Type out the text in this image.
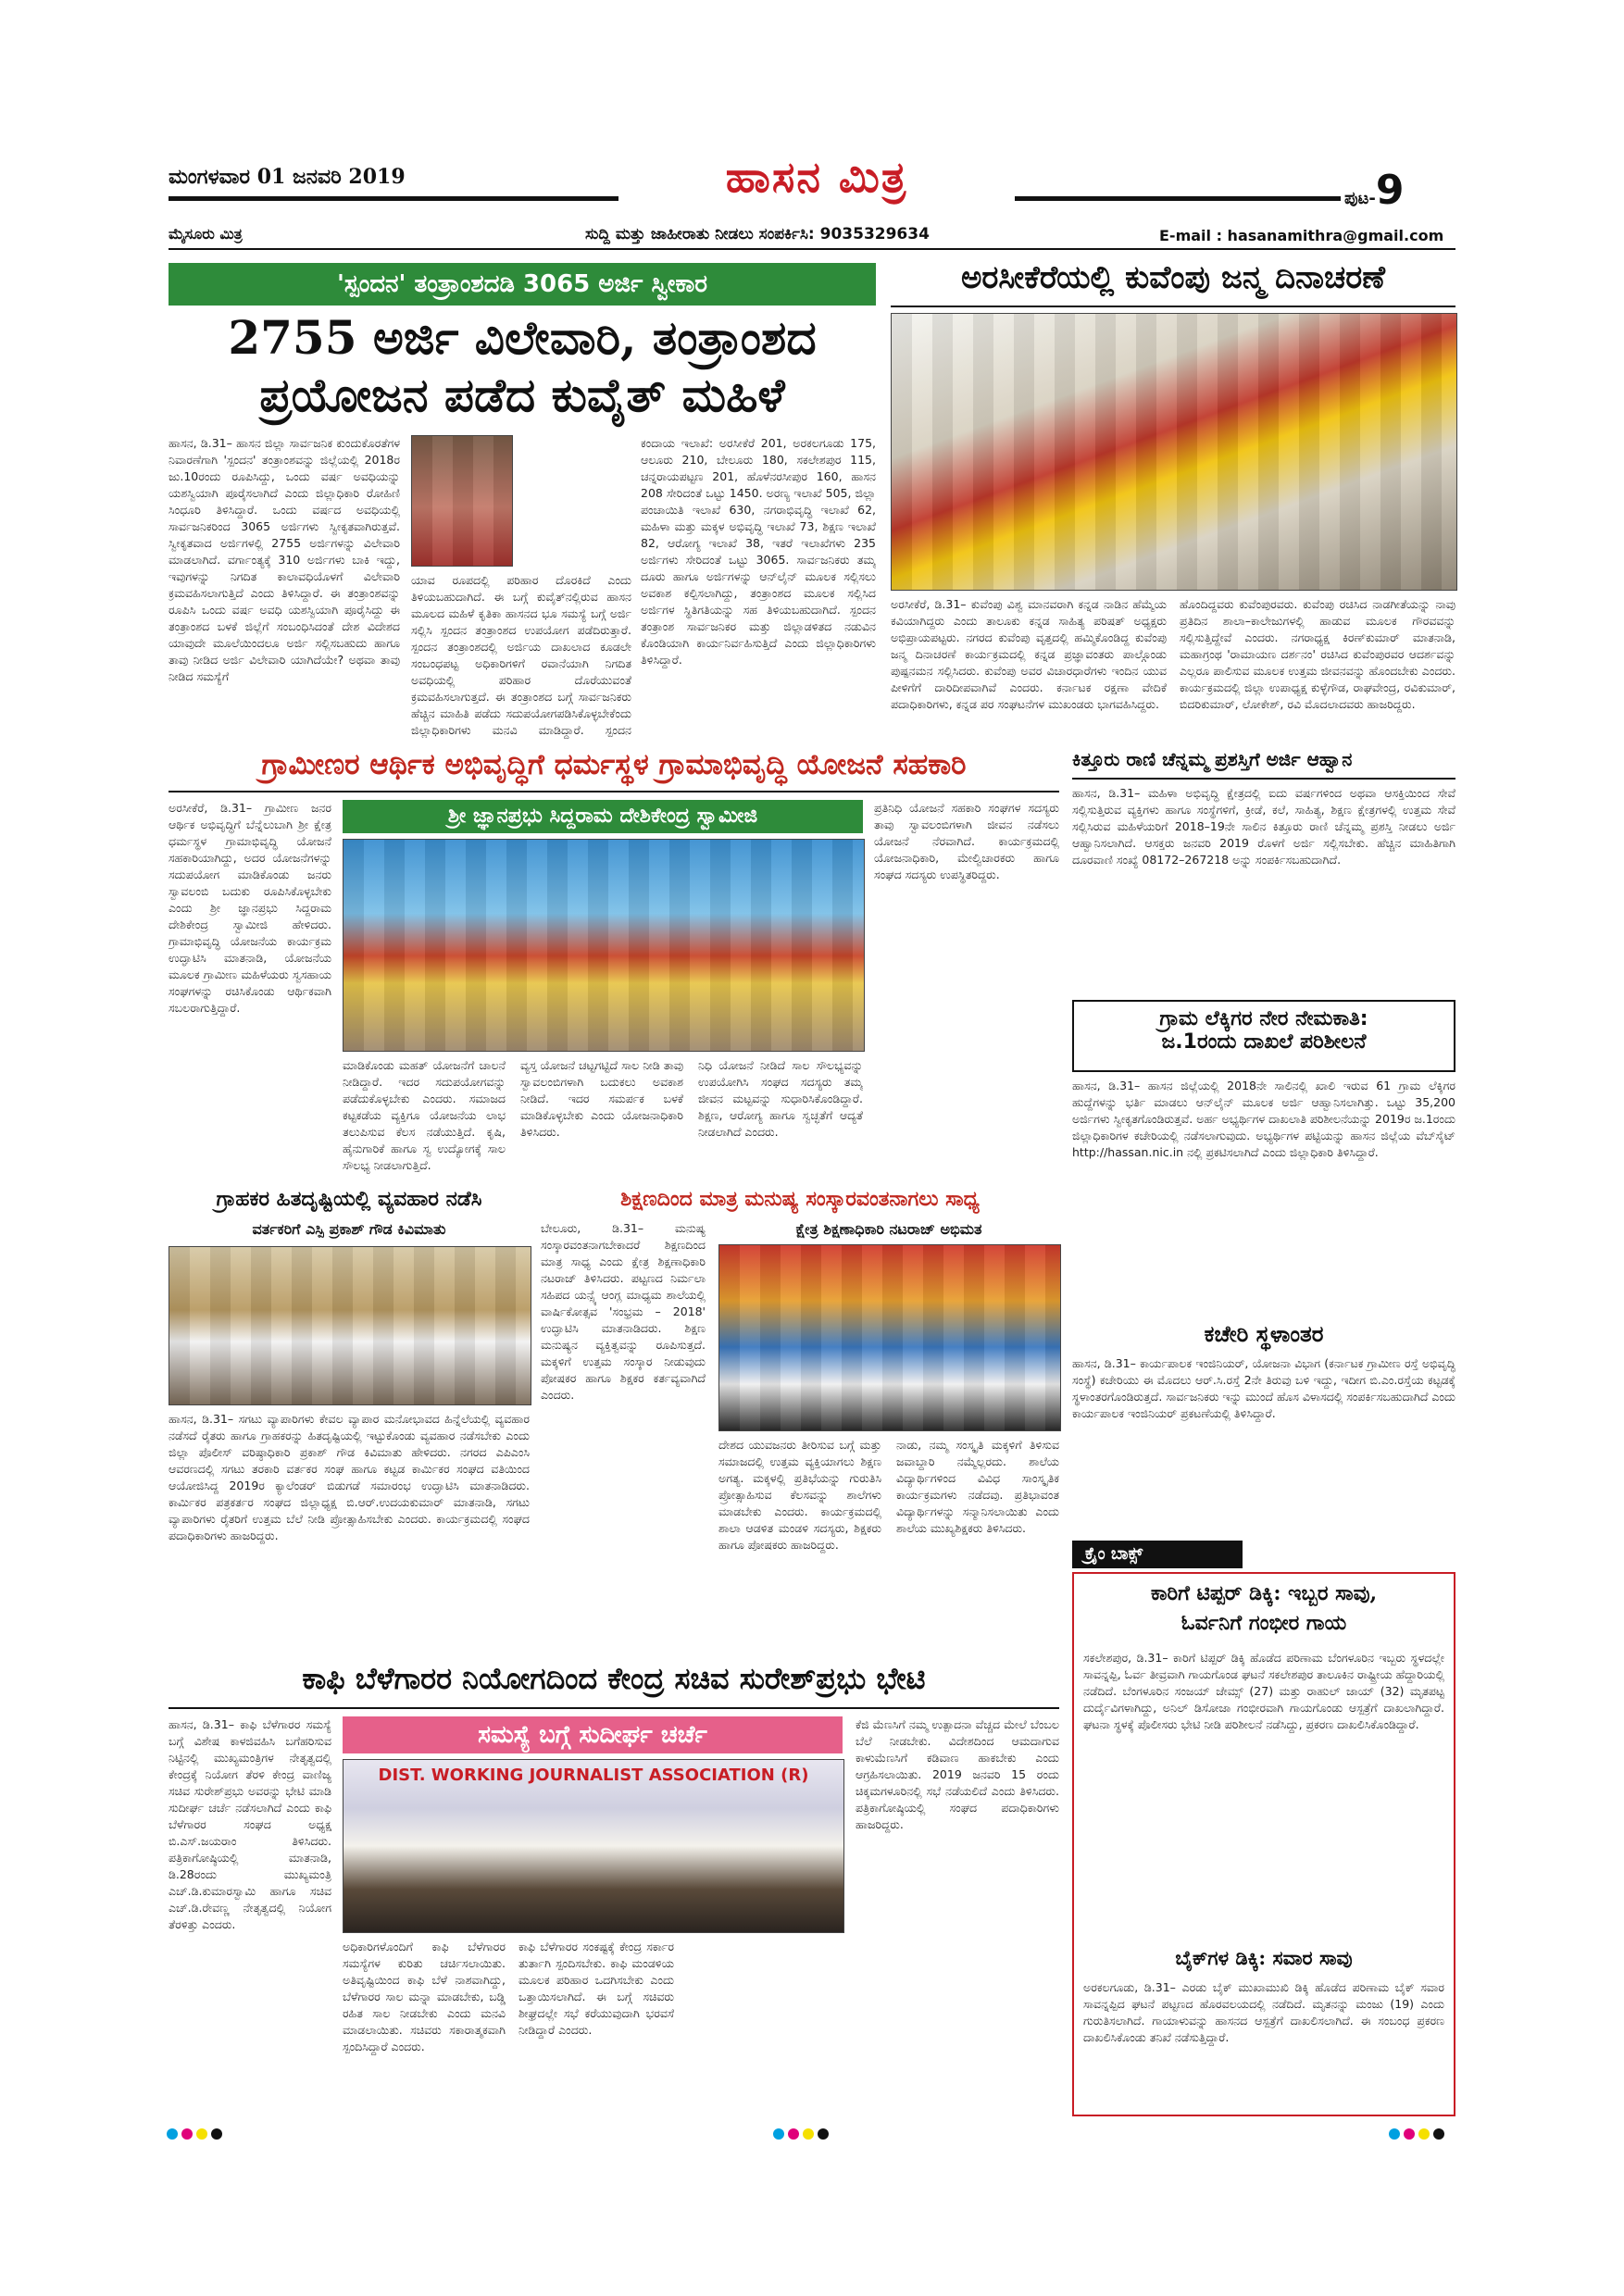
ಮಂಗಳವಾರ 01 ಜನವರಿ 2019	ಹಾಸನ ಮಿತ್ರ	ಪುಟ-9
ಮೈಸೂರು ಮಿತ್ರ	ಸುದ್ದಿ ಮತ್ತು ಜಾಹೀರಾತು ನೀಡಲು ಸಂಪರ್ಕಿಸಿ: 9035329634	E-mail : hasanamithra@gmail.com
'ಸ್ಪಂದನ' ತಂತ್ರಾಂಶದಡಿ 3065 ಅರ್ಜಿ ಸ್ವೀಕಾರ
2755 ಅರ್ಜಿ ವಿಲೇವಾರಿ, ತಂತ್ರಾಂಶದ
ಪ್ರಯೋಜನ ಪಡೆದ ಕುವೈತ್ ಮಹಿಳೆ
ಹಾಸನ, ಡಿ.31– ಹಾಸನ ಜಿಲ್ಲಾ ಸಾರ್ವಜನಿಕ ಕುಂದುಕೊರತೆಗಳ ನಿವಾರಣೆಗಾಗಿ 'ಸ್ಪಂದನ' ತಂತ್ರಾಂಶವನ್ನು ಜಿಲ್ಲೆಯಲ್ಲಿ 2018ರ ಜು.10ರಂದು ರೂಪಿಸಿದ್ದು, ಒಂದು ವರ್ಷ ಅವಧಿಯನ್ನು ಯಶಸ್ವಿಯಾಗಿ ಪೂರೈಸಲಾಗಿದೆ ಎಂದು ಜಿಲ್ಲಾಧಿಕಾರಿ ರೋಹಿಣಿ ಸಿಂಧೂರಿ ತಿಳಿಸಿದ್ದಾರೆ. ಒಂದು ವರ್ಷದ ಅವಧಿಯಲ್ಲಿ ಸಾರ್ವಜನಿಕರಿಂದ 3065 ಅರ್ಜಿಗಳು ಸ್ವೀಕೃತವಾಗಿರುತ್ತವೆ. ಸ್ವೀಕೃತವಾದ ಅರ್ಜಿಗಳಲ್ಲಿ 2755 ಅರ್ಜಿಗಳನ್ನು ವಿಲೇವಾರಿ ಮಾಡಲಾಗಿದೆ. ವರ್ಗಾಂತ್ಯಕ್ಕೆ 310 ಅರ್ಜಿಗಳು ಬಾಕಿ ಇದ್ದು, ಇವುಗಳನ್ನು ನಿಗದಿತ ಕಾಲಾವಧಿಯೊಳಗೆ ವಿಲೇವಾರಿ ಕ್ರಮವಹಿಸಲಾಗುತ್ತಿದೆ ಎಂದು ತಿಳಿಸಿದ್ದಾರೆ. ಈ ತಂತ್ರಾಂಶವನ್ನು ರೂಪಿಸಿ ಒಂದು ವರ್ಷ ಅವಧಿ ಯಶಸ್ವಿಯಾಗಿ ಪೂರೈಸಿದ್ದು ಈ ತಂತ್ರಾಂಶದ ಬಳಕೆ ಜಿಲ್ಲೆಗೆ ಸಂಬಂಧಿಸಿದಂತೆ ದೇಶ ವಿದೇಶದ ಯಾವುದೇ ಮೂಲೆಯಿಂದಲೂ ಅರ್ಜಿ ಸಲ್ಲಿಸಬಹುದು ಹಾಗೂ ತಾವು ನೀಡಿದ ಅರ್ಜಿ ವಿಲೇವಾರಿ ಯಾಗಿದೆಯೇ? ಅಥವಾ ತಾವು ನೀಡಿದ ಸಮಸ್ಯೆಗೆ
ಯಾವ ರೂಪದಲ್ಲಿ ಪರಿಹಾರ ದೊರಕಿದೆ ಎಂದು ತಿಳಿಯಬಹುದಾಗಿದೆ. ಈ ಬಗ್ಗೆ ಕುವೈತ್‌ನಲ್ಲಿರುವ ಹಾಸನ ಮೂಲದ ಮಹಿಳೆ ಕೃತಿಕಾ ಹಾಸನದ ಭೂ ಸಮಸ್ಯೆ ಬಗ್ಗೆ ಅರ್ಜಿ ಸಲ್ಲಿಸಿ ಸ್ಪಂದನ ತಂತ್ರಾಂಶದ ಉಪಯೋಗ ಪಡೆದಿರುತ್ತಾರೆ. ಸ್ಪಂದನ ತಂತ್ರಾಂಶದಲ್ಲಿ ಅರ್ಜಿಯ ದಾಖಲಾದ ಕೂಡಲೇ ಸಂಬಂಧಪಟ್ಟ ಅಧಿಕಾರಿಗಳಿಗೆ ರವಾನೆಯಾಗಿ ನಿಗದಿತ ಅವಧಿಯಲ್ಲಿ ಪರಿಹಾರ ದೊರೆಯುವಂತೆ ಕ್ರಮವಹಿಸಲಾಗುತ್ತದೆ. ಈ ತಂತ್ರಾಂಶದ ಬಗ್ಗೆ ಸಾರ್ವಜನಿಕರು ಹೆಚ್ಚಿನ ಮಾಹಿತಿ ಪಡೆದು ಸದುಪಯೋಗಪಡಿಸಿಕೊಳ್ಳಬೇಕೆಂದು ಜಿಲ್ಲಾಧಿಕಾರಿಗಳು ಮನವಿ ಮಾಡಿದ್ದಾರೆ. ಸ್ಪಂದನ
ಕಂದಾಯ ಇಲಾಖೆ: ಅರಸೀಕೆರೆ 201, ಅರಕಲಗೂಡು 175, ಆಲೂರು 210, ಬೇಲೂರು 180, ಸಕಲೇಶಪುರ 115, ಚನ್ನರಾಯಪಟ್ಟಣ 201, ಹೊಳೆನರಸೀಪುರ 160, ಹಾಸನ 208 ಸೇರಿದಂತೆ ಒಟ್ಟು 1450. ಅರಣ್ಯ ಇಲಾಖೆ 505, ಜಿಲ್ಲಾ ಪಂಚಾಯಿತಿ ಇಲಾಖೆ 630, ನಗರಾಭಿವೃದ್ಧಿ ಇಲಾಖೆ 62, ಮಹಿಳಾ ಮತ್ತು ಮಕ್ಕಳ ಅಭಿವೃದ್ಧಿ ಇಲಾಖೆ 73, ಶಿಕ್ಷಣ ಇಲಾಖೆ 82, ಆರೋಗ್ಯ ಇಲಾಖೆ 38, ಇತರೆ ಇಲಾಖೆಗಳು 235 ಅರ್ಜಿಗಳು ಸೇರಿದಂತೆ ಒಟ್ಟು 3065. ಸಾರ್ವಜನಿಕರು ತಮ್ಮ ದೂರು ಹಾಗೂ ಅರ್ಜಿಗಳನ್ನು ಆನ್‌ಲೈನ್ ಮೂಲಕ ಸಲ್ಲಿಸಲು ಅವಕಾಶ ಕಲ್ಪಿಸಲಾಗಿದ್ದು, ತಂತ್ರಾಂಶದ ಮೂಲಕ ಸಲ್ಲಿಸಿದ ಅರ್ಜಿಗಳ ಸ್ಥಿತಿಗತಿಯನ್ನು ಸಹ ತಿಳಿಯಬಹುದಾಗಿದೆ. ಸ್ಪಂದನ ತಂತ್ರಾಂಶ ಸಾರ್ವಜನಿಕರ ಮತ್ತು ಜಿಲ್ಲಾಡಳಿತದ ನಡುವಿನ ಕೊಂಡಿಯಾಗಿ ಕಾರ್ಯನಿರ್ವಹಿಸುತ್ತಿದೆ ಎಂದು ಜಿಲ್ಲಾಧಿಕಾರಿಗಳು ತಿಳಿಸಿದ್ದಾರೆ.
ಅರಸೀಕೆರೆಯಲ್ಲಿ ಕುವೆಂಪು ಜನ್ಮ ದಿನಾಚರಣೆ
ಅರಸೀಕೆರೆ, ಡಿ.31– ಕುವೆಂಪು ವಿಶ್ವ ಮಾನವರಾಗಿ ಕನ್ನಡ ನಾಡಿನ ಹೆಮ್ಮೆಯ ಕವಿಯಾಗಿದ್ದರು ಎಂದು ತಾಲೂಕು ಕನ್ನಡ ಸಾಹಿತ್ಯ ಪರಿಷತ್ ಅಧ್ಯಕ್ಷರು ಅಭಿಪ್ರಾಯಪಟ್ಟರು. ನಗರದ ಕುವೆಂಪು ವೃತ್ತದಲ್ಲಿ ಹಮ್ಮಿಕೊಂಡಿದ್ದ ಕುವೆಂಪು ಜನ್ಮ ದಿನಾಚರಣೆ ಕಾರ್ಯಕ್ರಮದಲ್ಲಿ ಕನ್ನಡ ಪ್ರಜ್ಞಾವಂತರು ಪಾಲ್ಗೊಂಡು ಪುಷ್ಪನಮನ ಸಲ್ಲಿಸಿದರು. ಕುವೆಂಪು ಅವರ ವಿಚಾರಧಾರೆಗಳು ಇಂದಿನ ಯುವ ಪೀಳಿಗೆಗೆ ದಾರಿದೀಪವಾಗಿವೆ ಎಂದರು. ಕರ್ನಾಟಕ ರಕ್ಷಣಾ ವೇದಿಕೆ ಪದಾಧಿಕಾರಿಗಳು, ಕನ್ನಡ ಪರ ಸಂಘಟನೆಗಳ ಮುಖಂಡರು ಭಾಗವಹಿಸಿದ್ದರು.
ಹೊಂದಿದ್ದವರು ಕುವೆಂಪುರವರು. ಕುವೆಂಪು ರಚಿಸಿದ ನಾಡಗೀತೆಯನ್ನು ನಾವು ಪ್ರತಿದಿನ ಶಾಲಾ–ಕಾಲೇಜುಗಳಲ್ಲಿ ಹಾಡುವ ಮೂಲಕ ಗೌರವವನ್ನು ಸಲ್ಲಿಸುತ್ತಿದ್ದೇವೆ ಎಂದರು. ನಗರಾಧ್ಯಕ್ಷ ಕಿರಣ್‌ಕುಮಾರ್ ಮಾತನಾಡಿ, ಮಹಾಗ್ರಂಥ 'ರಾಮಾಯಣ ದರ್ಶನಂ' ರಚಿಸಿದ ಕುವೆಂಪುರವರ ಆದರ್ಶವನ್ನು ಎಲ್ಲರೂ ಪಾಲಿಸುವ ಮೂಲಕ ಉತ್ತಮ ಜೀವನವನ್ನು ಹೊಂದಬೇಕು ಎಂದರು. ಕಾರ್ಯಕ್ರಮದಲ್ಲಿ ಜಿಲ್ಲಾ ಉಪಾಧ್ಯಕ್ಷ ಕುಳ್ಳೆಗೌಡ, ರಾಘವೇಂದ್ರ, ರವಿಕುಮಾರ್, ಬಿದರಿಕುಮಾರ್, ಲೋಕೇಶ್, ರವಿ ಮೊದಲಾದವರು ಹಾಜರಿದ್ದರು.
ಗ್ರಾಮೀಣರ ಆರ್ಥಿಕ ಅಭಿವೃದ್ಧಿಗೆ ಧರ್ಮಸ್ಥಳ ಗ್ರಾಮಾಭಿವೃದ್ಧಿ ಯೋಜನೆ ಸಹಕಾರಿ
ಅರಸೀಕೆರೆ, ಡಿ.31– ಗ್ರಾಮೀಣ ಜನರ ಆರ್ಥಿಕ ಅಭಿವೃದ್ಧಿಗೆ ಬೆನ್ನೆಲುಬಾಗಿ ಶ್ರೀ ಕ್ಷೇತ್ರ ಧರ್ಮಸ್ಥಳ ಗ್ರಾಮಾಭಿವೃದ್ಧಿ ಯೋಜನೆ ಸಹಕಾರಿಯಾಗಿದ್ದು, ಅದರ ಯೋಜನೆಗಳನ್ನು ಸದುಪಯೋಗ ಮಾಡಿಕೊಂಡು ಜನರು ಸ್ವಾವಲಂಬಿ ಬದುಕು ರೂಪಿಸಿಕೊಳ್ಳಬೇಕು ಎಂದು ಶ್ರೀ ಜ್ಞಾನಪ್ರಭು ಸಿದ್ದರಾಮ ದೇಶಿಕೇಂದ್ರ ಸ್ವಾಮೀಜಿ ಹೇಳಿದರು. ಗ್ರಾಮಾಭಿವೃದ್ಧಿ ಯೋಜನೆಯ ಕಾರ್ಯಕ್ರಮ ಉದ್ಘಾಟಿಸಿ ಮಾತನಾಡಿ, ಯೋಜನೆಯ ಮೂಲಕ ಗ್ರಾಮೀಣ ಮಹಿಳೆಯರು ಸ್ವಸಹಾಯ ಸಂಘಗಳನ್ನು ರಚಿಸಿಕೊಂಡು ಆರ್ಥಿಕವಾಗಿ ಸಬಲರಾಗುತ್ತಿದ್ದಾರೆ.
ಶ್ರೀ ಜ್ಞಾನಪ್ರಭು ಸಿದ್ದರಾಮ ದೇಶಿಕೇಂದ್ರ ಸ್ವಾಮೀಜಿ
ಮಾಡಿಕೊಂಡು ಮಹತ್ ಯೋಜನೆಗೆ ಚಾಲನೆ ನೀಡಿದ್ದಾರೆ. ಇದರ ಸದುಪಯೋಗವನ್ನು ಪಡೆದುಕೊಳ್ಳಬೇಕು ಎಂದರು. ಸಮಾಜದ ಕಟ್ಟಕಡೆಯ ವ್ಯಕ್ತಿಗೂ ಯೋಜನೆಯ ಲಾಭ ತಲುಪಿಸುವ ಕೆಲಸ ನಡೆಯುತ್ತಿದೆ. ಕೃಷಿ, ಹೈನುಗಾರಿಕೆ ಹಾಗೂ ಸ್ವ ಉದ್ಯೋಗಕ್ಕೆ ಸಾಲ ಸೌಲಭ್ಯ ನೀಡಲಾಗುತ್ತಿದೆ.
ವ್ಯಸ್ತ ಯೋಜನೆ ಚಟ್ಟಗಟ್ಟಿದೆ ಸಾಲ ನೀಡಿ ತಾವು ಸ್ವಾವಲಂಬಿಗಳಾಗಿ ಬದುಕಲು ಅವಕಾಶ ನೀಡಿದೆ. ಇದರ ಸಮರ್ಪಕ ಬಳಕೆ ಮಾಡಿಕೊಳ್ಳಬೇಕು ಎಂದು ಯೋಜನಾಧಿಕಾರಿ ತಿಳಿಸಿದರು.
ನಿಧಿ ಯೋಜನೆ ನೀಡಿದೆ ಸಾಲ ಸೌಲಭ್ಯವನ್ನು ಉಪಯೋಗಿಸಿ ಸಂಘದ ಸದಸ್ಯರು ತಮ್ಮ ಜೀವನ ಮಟ್ಟವನ್ನು ಸುಧಾರಿಸಿಕೊಂಡಿದ್ದಾರೆ. ಶಿಕ್ಷಣ, ಆರೋಗ್ಯ ಹಾಗೂ ಸ್ವಚ್ಛತೆಗೆ ಆದ್ಯತೆ ನೀಡಲಾಗಿದೆ ಎಂದರು.
ಪ್ರತಿನಿಧಿ ಯೋಜನೆ ಸಹಕಾರಿ ಸಂಘಗಳ ಸದಸ್ಯರು ತಾವು ಸ್ವಾವಲಂಬಿಗಳಾಗಿ ಜೀವನ ನಡೆಸಲು ಯೋಜನೆ ನೆರವಾಗಿದೆ. ಕಾರ್ಯಕ್ರಮದಲ್ಲಿ ಯೋಜನಾಧಿಕಾರಿ, ಮೇಲ್ವಿಚಾರಕರು ಹಾಗೂ ಸಂಘದ ಸದಸ್ಯರು ಉಪಸ್ಥಿತರಿದ್ದರು.
ಕಿತ್ತೂರು ರಾಣಿ ಚೆನ್ನಮ್ಮ ಪ್ರಶಸ್ತಿಗೆ ಅರ್ಜಿ ಆಹ್ವಾನ
ಹಾಸನ, ಡಿ.31– ಮಹಿಳಾ ಅಭಿವೃದ್ಧಿ ಕ್ಷೇತ್ರದಲ್ಲಿ ಐದು ವರ್ಷಗಳಿಂದ ಅಥವಾ ಆಸಕ್ತಿಯಿಂದ ಸೇವೆ ಸಲ್ಲಿಸುತ್ತಿರುವ ವ್ಯಕ್ತಿಗಳು ಹಾಗೂ ಸಂಸ್ಥೆಗಳಿಗೆ, ಕ್ರೀಡೆ, ಕಲೆ, ಸಾಹಿತ್ಯ, ಶಿಕ್ಷಣ ಕ್ಷೇತ್ರಗಳಲ್ಲಿ ಉತ್ತಮ ಸೇವೆ ಸಲ್ಲಿಸಿರುವ ಮಹಿಳೆಯರಿಗೆ 2018–19ನೇ ಸಾಲಿನ ಕಿತ್ತೂರು ರಾಣಿ ಚೆನ್ನಮ್ಮ ಪ್ರಶಸ್ತಿ ನೀಡಲು ಅರ್ಜಿ ಆಹ್ವಾನಿಸಲಾಗಿದೆ. ಆಸಕ್ತರು ಜನವರಿ 2019 ರೊಳಗೆ ಅರ್ಜಿ ಸಲ್ಲಿಸಬೇಕು. ಹೆಚ್ಚಿನ ಮಾಹಿತಿಗಾಗಿ ದೂರವಾಣಿ ಸಂಖ್ಯೆ 08172–267218 ಅನ್ನು ಸಂಪರ್ಕಿಸಬಹುದಾಗಿದೆ.
ಗ್ರಾಮ ಲೆಕ್ಕಿಗರ ನೇರ ನೇಮಕಾತಿ:
ಜ.1ರಂದು ದಾಖಲೆ ಪರಿಶೀಲನೆ
ಹಾಸನ, ಡಿ.31– ಹಾಸನ ಜಿಲ್ಲೆಯಲ್ಲಿ 2018ನೇ ಸಾಲಿನಲ್ಲಿ ಖಾಲಿ ಇರುವ 61 ಗ್ರಾಮ ಲೆಕ್ಕಿಗರ ಹುದ್ದೆಗಳನ್ನು ಭರ್ತಿ ಮಾಡಲು ಆನ್‌ಲೈನ್ ಮೂಲಕ ಅರ್ಜಿ ಆಹ್ವಾನಿಸಲಾಗಿತ್ತು. ಒಟ್ಟು 35,200 ಅರ್ಜಿಗಳು ಸ್ವೀಕೃತಗೊಂಡಿರುತ್ತವೆ. ಅರ್ಹ ಅಭ್ಯರ್ಥಿಗಳ ದಾಖಲಾತಿ ಪರಿಶೀಲನೆಯನ್ನು 2019ರ ಜ.1ರಂದು ಜಿಲ್ಲಾಧಿಕಾರಿಗಳ ಕಚೇರಿಯಲ್ಲಿ ನಡೆಸಲಾಗುವುದು. ಅಭ್ಯರ್ಥಿಗಳ ಪಟ್ಟಿಯನ್ನು ಹಾಸನ ಜಿಲ್ಲೆಯ ವೆಬ್‌ಸೈಟ್ http://hassan.nic.in ನಲ್ಲಿ ಪ್ರಕಟಿಸಲಾಗಿದೆ ಎಂದು ಜಿಲ್ಲಾಧಿಕಾರಿ ತಿಳಿಸಿದ್ದಾರೆ.
ಕಚೇರಿ ಸ್ಥಳಾಂತರ
ಹಾಸನ, ಡಿ.31– ಕಾರ್ಯಪಾಲಕ ಇಂಜಿನಿಯರ್, ಯೋಜನಾ ವಿಭಾಗ (ಕರ್ನಾಟಕ ಗ್ರಾಮೀಣ ರಸ್ತೆ ಅಭಿವೃದ್ಧಿ ಸಂಸ್ಥೆ) ಕಚೇರಿಯು ಈ ಮೊದಲು ಆರ್.ಸಿ.ರಸ್ತೆ 2ನೇ ತಿರುವು ಬಳಿ ಇದ್ದು, ಇದೀಗ ಬಿ.ಎಂ.ರಸ್ತೆಯ ಕಟ್ಟಡಕ್ಕೆ ಸ್ಥಳಾಂತರಗೊಂಡಿರುತ್ತದೆ. ಸಾರ್ವಜನಿಕರು ಇನ್ನು ಮುಂದೆ ಹೊಸ ವಿಳಾಸದಲ್ಲಿ ಸಂಪರ್ಕಿಸಬಹುದಾಗಿದೆ ಎಂದು ಕಾರ್ಯಪಾಲಕ ಇಂಜಿನಿಯರ್ ಪ್ರಕಟಣೆಯಲ್ಲಿ ತಿಳಿಸಿದ್ದಾರೆ.
ಕ್ರೈಂ ಬಾಕ್ಸ್
ಕಾರಿಗೆ ಟಿಪ್ಪರ್ ಡಿಕ್ಕಿ: ಇಬ್ಬರ ಸಾವು,
ಓರ್ವನಿಗೆ ಗಂಭೀರ ಗಾಯ
ಸಕಲೇಶಪುರ, ಡಿ.31– ಕಾರಿಗೆ ಟಿಪ್ಪರ್ ಡಿಕ್ಕಿ ಹೊಡೆದ ಪರಿಣಾಮ ಬೆಂಗಳೂರಿನ ಇಬ್ಬರು ಸ್ಥಳದಲ್ಲೇ ಸಾವನ್ನಪ್ಪಿ, ಓರ್ವ ತೀವ್ರವಾಗಿ ಗಾಯಗೊಂಡ ಘಟನೆ ಸಕಲೇಶಪುರ ತಾಲೂಕಿನ ರಾಷ್ಟ್ರೀಯ ಹೆದ್ದಾರಿಯಲ್ಲಿ ನಡೆದಿದೆ. ಬೆಂಗಳೂರಿನ ಸಂಜಯ್ ಜೇಮ್ಸ್ (27) ಮತ್ತು ರಾಹುಲ್ ಜಾಯ್ (32) ಮೃತಪಟ್ಟ ದುರ್ದೈವಿಗಳಾಗಿದ್ದು, ಅನಿಲ್ ಡಿಸೋಜಾ ಗಂಭೀರವಾಗಿ ಗಾಯಗೊಂಡು ಆಸ್ಪತ್ರೆಗೆ ದಾಖಲಾಗಿದ್ದಾರೆ. ಘಟನಾ ಸ್ಥಳಕ್ಕೆ ಪೊಲೀಸರು ಭೇಟಿ ನೀಡಿ ಪರಿಶೀಲನೆ ನಡೆಸಿದ್ದು, ಪ್ರಕರಣ ದಾಖಲಿಸಿಕೊಂಡಿದ್ದಾರೆ.
ಬೈಕ್‌ಗಳ ಡಿಕ್ಕಿ: ಸವಾರ ಸಾವು
ಅರಕಲಗೂಡು, ಡಿ.31– ಎರಡು ಬೈಕ್ ಮುಖಾಮುಖಿ ಡಿಕ್ಕಿ ಹೊಡೆದ ಪರಿಣಾಮ ಬೈಕ್ ಸವಾರ ಸಾವನ್ನಪ್ಪಿದ ಘಟನೆ ಪಟ್ಟಣದ ಹೊರವಲಯದಲ್ಲಿ ನಡೆದಿದೆ. ಮೃತನನ್ನು ಮಂಜು (19) ಎಂದು ಗುರುತಿಸಲಾಗಿದೆ. ಗಾಯಾಳುವನ್ನು ಹಾಸನದ ಆಸ್ಪತ್ರೆಗೆ ದಾಖಲಿಸಲಾಗಿದೆ. ಈ ಸಂಬಂಧ ಪ್ರಕರಣ ದಾಖಲಿಸಿಕೊಂಡು ತನಿಖೆ ನಡೆಸುತ್ತಿದ್ದಾರೆ.
ಗ್ರಾಹಕರ ಹಿತದೃಷ್ಟಿಯಲ್ಲಿ ವ್ಯವಹಾರ ನಡೆಸಿ
ವರ್ತಕರಿಗೆ ಎಸ್ಪಿ ಪ್ರಕಾಶ್ ಗೌಡ ಕಿವಿಮಾತು
ಹಾಸನ, ಡಿ.31– ಸಗಟು ವ್ಯಾಪಾರಿಗಳು ಕೇವಲ ವ್ಯಾಪಾರ ಮನೋಭಾವದ ಹಿನ್ನೆಲೆಯಲ್ಲಿ ವ್ಯವಹಾರ ನಡೆಸದೆ ರೈತರು ಹಾಗೂ ಗ್ರಾಹಕರನ್ನು ಹಿತದೃಷ್ಟಿಯಲ್ಲಿ ಇಟ್ಟುಕೊಂಡು ವ್ಯವಹಾರ ನಡೆಸಬೇಕು ಎಂದು ಜಿಲ್ಲಾ ಪೊಲೀಸ್ ವರಿಷ್ಠಾಧಿಕಾರಿ ಪ್ರಕಾಶ್ ಗೌಡ ಕಿವಿಮಾತು ಹೇಳಿದರು. ನಗರದ ಎಪಿಎಂಸಿ ಆವರಣದಲ್ಲಿ ಸಗಟು ತರಕಾರಿ ವರ್ತಕರ ಸಂಘ ಹಾಗೂ ಕಟ್ಟಡ ಕಾರ್ಮಿಕರ ಸಂಘದ ವತಿಯಿಂದ ಆಯೋಜಿಸಿದ್ದ 2019ರ ಕ್ಯಾಲೆಂಡರ್ ಬಿಡುಗಡೆ ಸಮಾರಂಭ ಉದ್ಘಾಟಿಸಿ ಮಾತನಾಡಿದರು. ಕಾರ್ಮಿಕರ ಪತ್ರಕರ್ತರ ಸಂಘದ ಜಿಲ್ಲಾಧ್ಯಕ್ಷ ಬಿ.ಆರ್.ಉದಯಕುಮಾರ್ ಮಾತನಾಡಿ, ಸಗಟು ವ್ಯಾಪಾರಿಗಳು ರೈತರಿಗೆ ಉತ್ತಮ ಬೆಲೆ ನೀಡಿ ಪ್ರೋತ್ಸಾಹಿಸಬೇಕು ಎಂದರು. ಕಾರ್ಯಕ್ರಮದಲ್ಲಿ ಸಂಘದ ಪದಾಧಿಕಾರಿಗಳು ಹಾಜರಿದ್ದರು.
ಶಿಕ್ಷಣದಿಂದ ಮಾತ್ರ ಮನುಷ್ಯ ಸಂಸ್ಕಾರವಂತನಾಗಲು ಸಾಧ್ಯ
ಬೇಲೂರು, ಡಿ.31– ಮನುಷ್ಯ ಸಂಸ್ಕಾರವಂತನಾಗಬೇಕಾದರೆ ಶಿಕ್ಷಣದಿಂದ ಮಾತ್ರ ಸಾಧ್ಯ ಎಂದು ಕ್ಷೇತ್ರ ಶಿಕ್ಷಣಾಧಿಕಾರಿ ನಟರಾಜ್ ತಿಳಿಸಿದರು. ಪಟ್ಟಣದ ನಿರ್ಮಲಾ ಸಹಿಪದ ಯನ್ಸ್ಕೆ ಆಂಗ್ಲ ಮಾಧ್ಯಮ ಶಾಲೆಯಲ್ಲಿ ವಾರ್ಷಿಕೋತ್ಸವ 'ಸಂಭ್ರಮ – 2018' ಉದ್ಘಾಟಿಸಿ ಮಾತನಾಡಿದರು. ಶಿಕ್ಷಣ ಮನುಷ್ಯನ ವ್ಯಕ್ತಿತ್ವವನ್ನು ರೂಪಿಸುತ್ತದೆ. ಮಕ್ಕಳಿಗೆ ಉತ್ತಮ ಸಂಸ್ಕಾರ ನೀಡುವುದು ಪೋಷಕರ ಹಾಗೂ ಶಿಕ್ಷಕರ ಕರ್ತವ್ಯವಾಗಿದೆ ಎಂದರು.
ಕ್ಷೇತ್ರ ಶಿಕ್ಷಣಾಧಿಕಾರಿ ನಟರಾಜ್ ಅಭಿಮತ
ದೇಶದ ಯುವಜನರು ತೀರಿಸುವ ಬಗ್ಗೆ ಮತ್ತು ಸಮಾಜದಲ್ಲಿ ಉತ್ತಮ ವ್ಯಕ್ತಿಯಾಗಲು ಶಿಕ್ಷಣ ಅಗತ್ಯ. ಮಕ್ಕಳಲ್ಲಿ ಪ್ರತಿಭೆಯನ್ನು ಗುರುತಿಸಿ ಪ್ರೋತ್ಸಾಹಿಸುವ ಕೆಲಸವನ್ನು ಶಾಲೆಗಳು ಮಾಡಬೇಕು ಎಂದರು. ಕಾರ್ಯಕ್ರಮದಲ್ಲಿ ಶಾಲಾ ಆಡಳಿತ ಮಂಡಳಿ ಸದಸ್ಯರು, ಶಿಕ್ಷಕರು ಹಾಗೂ ಪೋಷಕರು ಹಾಜರಿದ್ದರು.
ನಾಡು, ನಮ್ಮ ಸಂಸ್ಕೃತಿ ಮಕ್ಕಳಿಗೆ ತಿಳಿಸುವ ಜವಾಬ್ದಾರಿ ನಮ್ಮೆಲ್ಲರದು. ಶಾಲೆಯ ವಿದ್ಯಾರ್ಥಿಗಳಿಂದ ವಿವಿಧ ಸಾಂಸ್ಕೃತಿಕ ಕಾರ್ಯಕ್ರಮಗಳು ನಡೆದವು. ಪ್ರತಿಭಾವಂತ ವಿದ್ಯಾರ್ಥಿಗಳನ್ನು ಸನ್ಮಾನಿಸಲಾಯಿತು ಎಂದು ಶಾಲೆಯ ಮುಖ್ಯಶಿಕ್ಷಕರು ತಿಳಿಸಿದರು.
ಕಾಫಿ ಬೆಳೆಗಾರರ ನಿಯೋಗದಿಂದ ಕೇಂದ್ರ ಸಚಿವ ಸುರೇಶ್‌ಪ್ರಭು ಭೇಟಿ
ಹಾಸನ, ಡಿ.31– ಕಾಫಿ ಬೆಳೆಗಾರರ ಸಮಸ್ಯೆ ಬಗ್ಗೆ ವಿಶೇಷ ಕಾಳಜಿವಹಿಸಿ ಬಗೆಹರಿಸುವ ನಿಟ್ಟಿನಲ್ಲಿ ಮುಖ್ಯಮಂತ್ರಿಗಳ ನೇತೃತ್ವದಲ್ಲಿ ಕೇಂದ್ರಕ್ಕೆ ನಿಯೋಗ ತೆರಳಿ ಕೇಂದ್ರ ವಾಣಿಜ್ಯ ಸಚಿವ ಸುರೇಶ್‌ಪ್ರಭು ಅವರನ್ನು ಭೇಟಿ ಮಾಡಿ ಸುದೀರ್ಘ ಚರ್ಚೆ ನಡೆಸಲಾಗಿದೆ ಎಂದು ಕಾಫಿ ಬೆಳೆಗಾರರ ಸಂಘದ ಅಧ್ಯಕ್ಷ ಬಿ.ಎಸ್.ಜಯರಾಂ ತಿಳಿಸಿದರು. ಪತ್ರಿಕಾಗೋಷ್ಠಿಯಲ್ಲಿ ಮಾತನಾಡಿ, ಡಿ.28ರಂದು ಮುಖ್ಯಮಂತ್ರಿ ಎಚ್.ಡಿ.ಕುಮಾರಸ್ವಾಮಿ ಹಾಗೂ ಸಚಿವ ಎಚ್.ಡಿ.ರೇವಣ್ಣ ನೇತೃತ್ವದಲ್ಲಿ ನಿಯೋಗ ತೆರಳಿತ್ತು ಎಂದರು.
ಸಮಸ್ಯೆ ಬಗ್ಗೆ ಸುದೀರ್ಘ ಚರ್ಚೆ
DIST. WORKING JOURNALIST ASSOCIATION (R)
ಅಧಿಕಾರಿಗಳೊಂದಿಗೆ ಕಾಫಿ ಬೆಳೆಗಾರರ ಸಮಸ್ಯೆಗಳ ಕುರಿತು ಚರ್ಚಿಸಲಾಯಿತು. ಅತಿವೃಷ್ಟಿಯಿಂದ ಕಾಫಿ ಬೆಳೆ ನಾಶವಾಗಿದ್ದು, ಬೆಳೆಗಾರರ ಸಾಲ ಮನ್ನಾ ಮಾಡಬೇಕು, ಬಡ್ಡಿ ರಹಿತ ಸಾಲ ನೀಡಬೇಕು ಎಂದು ಮನವಿ ಮಾಡಲಾಯಿತು. ಸಚಿವರು ಸಕಾರಾತ್ಮಕವಾಗಿ ಸ್ಪಂದಿಸಿದ್ದಾರೆ ಎಂದರು.
ಕಾಫಿ ಬೆಳೆಗಾರರ ಸಂಕಷ್ಟಕ್ಕೆ ಕೇಂದ್ರ ಸರ್ಕಾರ ತುರ್ತಾಗಿ ಸ್ಪಂದಿಸಬೇಕು. ಕಾಫಿ ಮಂಡಳಿಯ ಮೂಲಕ ಪರಿಹಾರ ಒದಗಿಸಬೇಕು ಎಂದು ಒತ್ತಾಯಿಸಲಾಗಿದೆ. ಈ ಬಗ್ಗೆ ಸಚಿವರು ಶೀಘ್ರದಲ್ಲೇ ಸಭೆ ಕರೆಯುವುದಾಗಿ ಭರವಸೆ ನೀಡಿದ್ದಾರೆ ಎಂದರು.
ಕೆಜಿ ಮೆಣಸಿಗೆ ನಮ್ಮ ಉತ್ಪಾದನಾ ವೆಚ್ಚದ ಮೇಲೆ ಬೆಂಬಲ ಬೆಲೆ ನೀಡಬೇಕು. ವಿದೇಶದಿಂದ ಆಮದಾಗುವ ಕಾಳುಮೆಣಸಿಗೆ ಕಡಿವಾಣ ಹಾಕಬೇಕು ಎಂದು ಆಗ್ರಹಿಸಲಾಯಿತು. 2019 ಜನವರಿ 15 ರಂದು ಚಿಕ್ಕಮಗಳೂರಿನಲ್ಲಿ ಸಭೆ ನಡೆಯಲಿದೆ ಎಂದು ತಿಳಿಸಿದರು. ಪತ್ರಿಕಾಗೋಷ್ಠಿಯಲ್ಲಿ ಸಂಘದ ಪದಾಧಿಕಾರಿಗಳು ಹಾಜರಿದ್ದರು.
